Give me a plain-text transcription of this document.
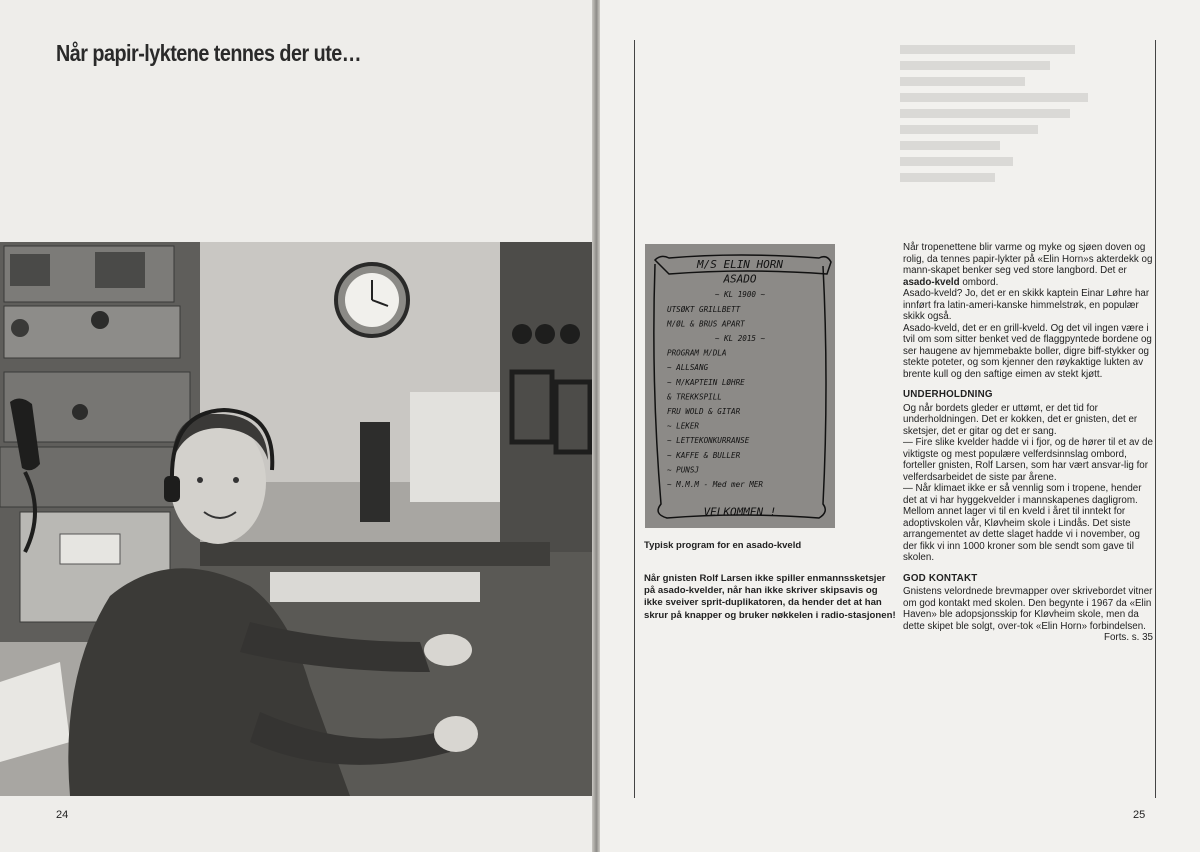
Når papir-lyktene tennes der ute…
24
M/S ELIN HORN
ASADO
~ KL 1900 ~
UTSØKT GRILLBETT
M/ØL & BRUS APART
~ KL 2015 ~
PROGRAM M/DLA
~ ALLSANG
~ M/KAPTEIN LØHRE
& TREKKSPILL
FRU WOLD & GITAR
~ LEKER
~ LETTEKONKURRANSE
~ KAFFE & BULLER
~ PUNSJ
~ M.M.M - Med mer MER
VELKOMMEN !

Typisk program for en asado-kveld

Når gnisten Rolf Larsen ikke spiller enmannssketsjer på asado-kvelder, når han ikke skriver skipsavis og ikke sveiver sprit-duplikatoren, da hender det at han skrur på knapper og bruker nøkkelen i radio-stasjonen!

Når tropenettene blir varme og myke og sjøen doven og rolig, da tennes papir-lykter på «Elin Horn»s akterdekk og mann-skapet benker seg ved store langbord. Det er asado-kveld ombord.

Asado-kveld? Jo, det er en skikk kaptein Einar Løhre har innført fra latin-ameri-kanske himmelstrøk, en populær skikk også.

Asado-kveld, det er en grill-kveld. Og det vil ingen være i tvil om som sitter benket ved de flaggpyntede bordene og ser haugene av hjemmebakte boller, digre biff-stykker og stekte poteter, og som kjenner den røykaktige lukten av brente kull og den saftige eimen av stekt kjøtt.

UNDERHOLDNING

Og når bordets gleder er uttømt, er det tid for underholdningen. Det er kokken, det er gnisten, det er sketsjer, det er gitar og det er sang.

— Fire slike kvelder hadde vi i fjor, og de hører til et av de viktigste og mest populære velferdsinnslag ombord, forteller gnisten, Rolf Larsen, som har vært ansvar-lig for velferdsarbeidet de siste par årene.

— Når klimaet ikke er så vennlig som i tropene, hender det at vi har hyggekvelder i mannskapenes dagligrom. Mellom annet lager vi til en kveld i året til inntekt for adoptivskolen vår, Kløvheim skole i Lindås. Det siste arrangementet av dette slaget hadde vi i november, og der fikk vi inn 1000 kroner som ble sendt som gave til skolen.

GOD KONTAKT

Gnistens velordnede brevmapper over skrivebordet vitner om god kontakt med skolen. Den begynte i 1967 da «Elin Haven» ble adopsjonsskip for Kløvheim skole, men da dette skipet ble solgt, over-tok «Elin Horn» forbindelsen.

Forts. s. 35

25
